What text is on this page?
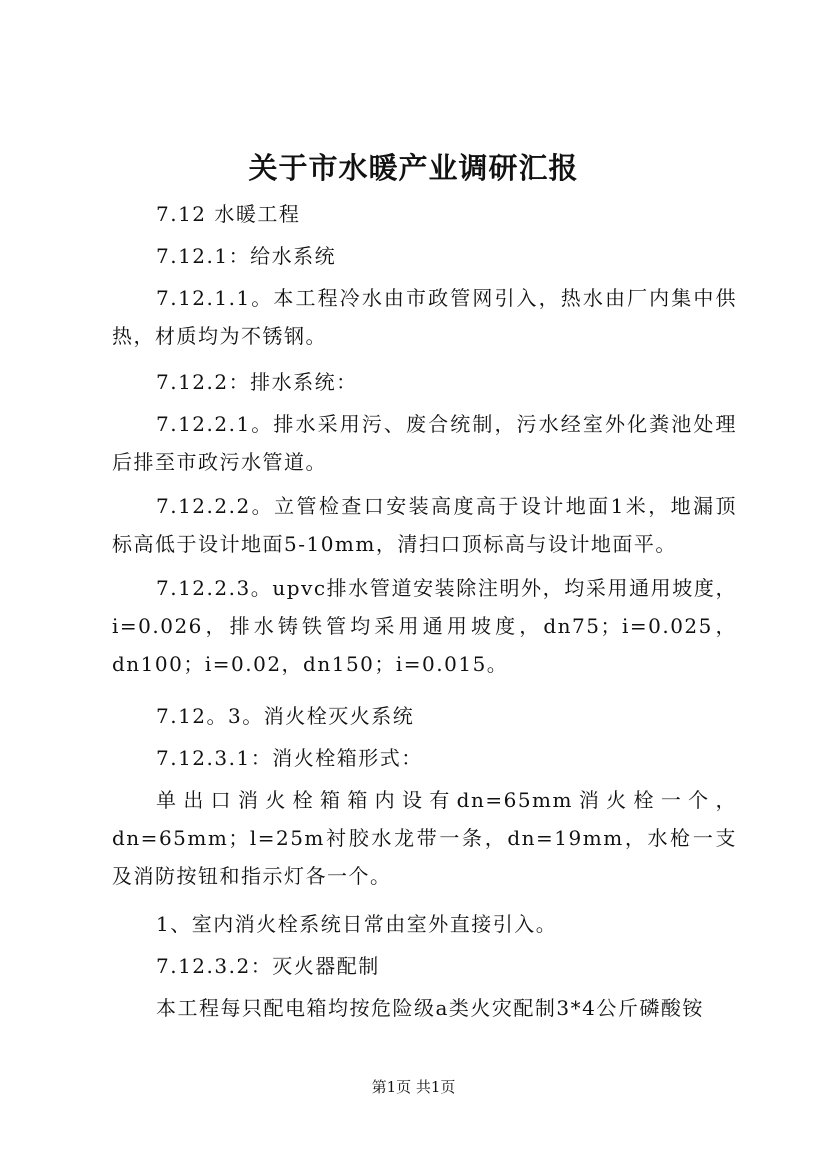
关于市水暖产业调研汇报

7.12 水暖工程

7.12.1：给水系统

7.12.1.1。本工程冷水由市政管网引入，热水由厂内集中供热，材质均为不锈钢。

7.12.2：排水系统：

7.12.2.1。排水采用污、废合统制，污水经室外化粪池处理后排至市政污水管道。

7.12.2.2。立管检查口安装高度高于设计地面1米，地漏顶标高低于设计地面5-10mm，清扫口顶标高与设计地面平。

7.12.2.3。upvc排水管道安装除注明外，均采用通用坡度，i=0.026，排水铸铁管均采用通用坡度，dn75；i=0.025，dn100；i=0.02，dn150；i=0.015。

7.12。3。消火栓灭火系统

7.12.3.1：消火栓箱形式：

单出口消火栓箱箱内设有dn=65mm消火栓一个，dn=65mm；l=25m衬胶水龙带一条，dn=19mm，水枪一支及消防按钮和指示灯各一个。

1、室内消火栓系统日常由室外直接引入。

7.12.3.2：灭火器配制

本工程每只配电箱均按危险级a类火灾配制3*4公斤磷酸铵

第1页 共1页
